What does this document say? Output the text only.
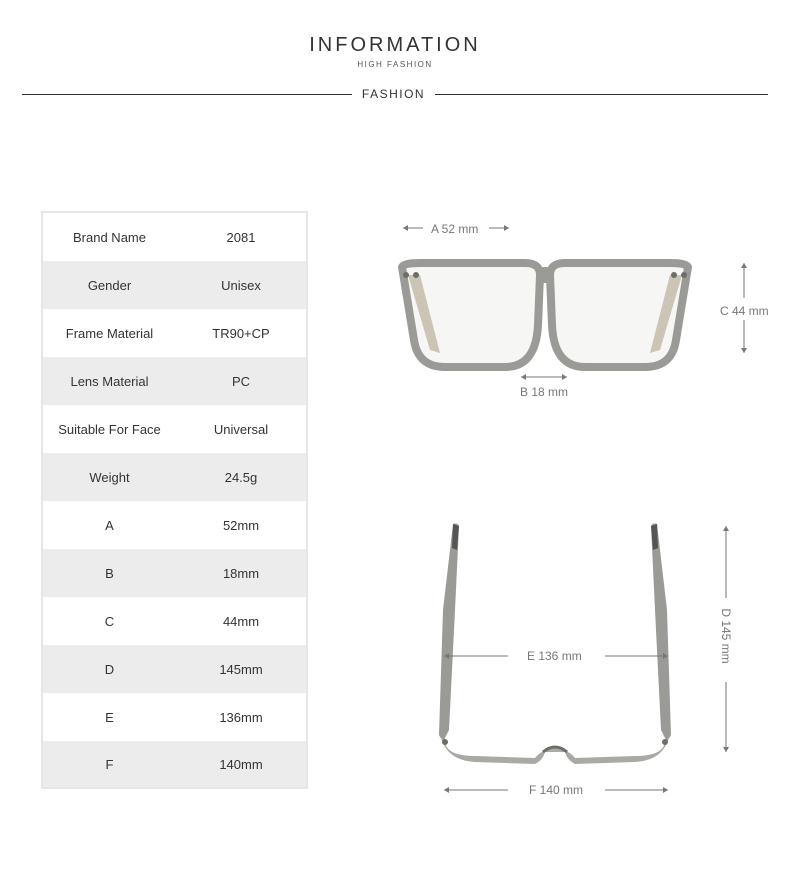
INFORMATION
HIGH FASHION
FASHION
Brand Name	2081
Gender	Unisex
Frame Material	TR90+CP
Lens Material	PC
Suitable For Face	Universal
Weight	24.5g
A	52mm
B	18mm
C	44mm
D	145mm
E	136mm
F	140mm
A 52 mm
B 18 mm
C 44 mm
E 136 mm
F 140 mm
D 145 mm
